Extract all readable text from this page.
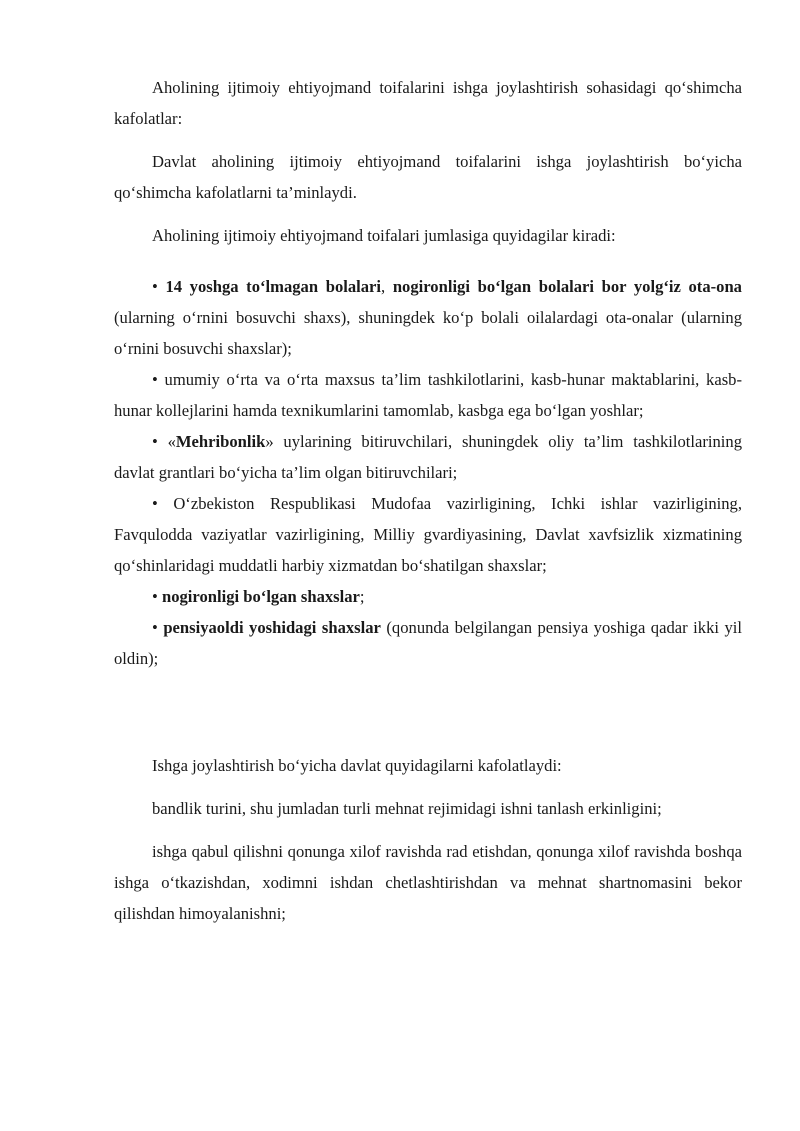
Aholining ijtimoiy ehtiyojmand toifalarini ishga joylashtirish sohasidagi qo‘shimcha kafolatlar:

Davlat aholining ijtimoiy ehtiyojmand toifalarini ishga joylashtirish bo‘yicha qo‘shimcha kafolatlarni ta’minlaydi.

Aholining ijtimoiy ehtiyojmand toifalari jumlasiga quyidagilar kiradi:

• 14 yoshga to‘lmagan bolalari, nogironligi bo‘lgan bolalari bor yolg‘iz ota-ona (ularning o‘rnini bosuvchi shaxs), shuningdek ko‘p bolali oilalardagi ota-onalar (ularning o‘rnini bosuvchi shaxslar);

• umumiy o‘rta va o‘rta maxsus ta’lim tashkilotlarini, kasb-hunar maktablarini, kasb-hunar kollejlarini hamda texnikumlarini tamomlab, kasbga ega bo‘lgan yoshlar;

• «Mehribonlik» uylarining bitiruvchilari, shuningdek oliy ta’lim tashkilotlarining davlat grantlari bo‘yicha ta’lim olgan bitiruvchilari;

• O‘zbekiston Respublikasi Mudofaa vazirligining, Ichki ishlar vazirligining, Favqulodda vaziyatlar vazirligining, Milliy gvardiyasining, Davlat xavfsizlik xizmatining qo‘shinlaridagi muddatli harbiy xizmatdan bo‘shatilgan shaxslar;

• nogironligi bo‘lgan shaxslar;

• pensiyaoldi yoshidagi shaxslar (qonunda belgilangan pensiya yoshiga qadar ikki yil oldin);

Ishga joylashtirish bo‘yicha davlat quyidagilarni kafolatlaydi:

bandlik turini, shu jumladan turli mehnat rejimidagi ishni tanlash erkinligini;

ishga qabul qilishni qonunga xilof ravishda rad etishdan, qonunga xilof ravishda boshqa ishga o‘tkazishdan, xodimni ishdan chetlashtirishdan va mehnat shartnomasini bekor qilishdan himoyalanishni;
